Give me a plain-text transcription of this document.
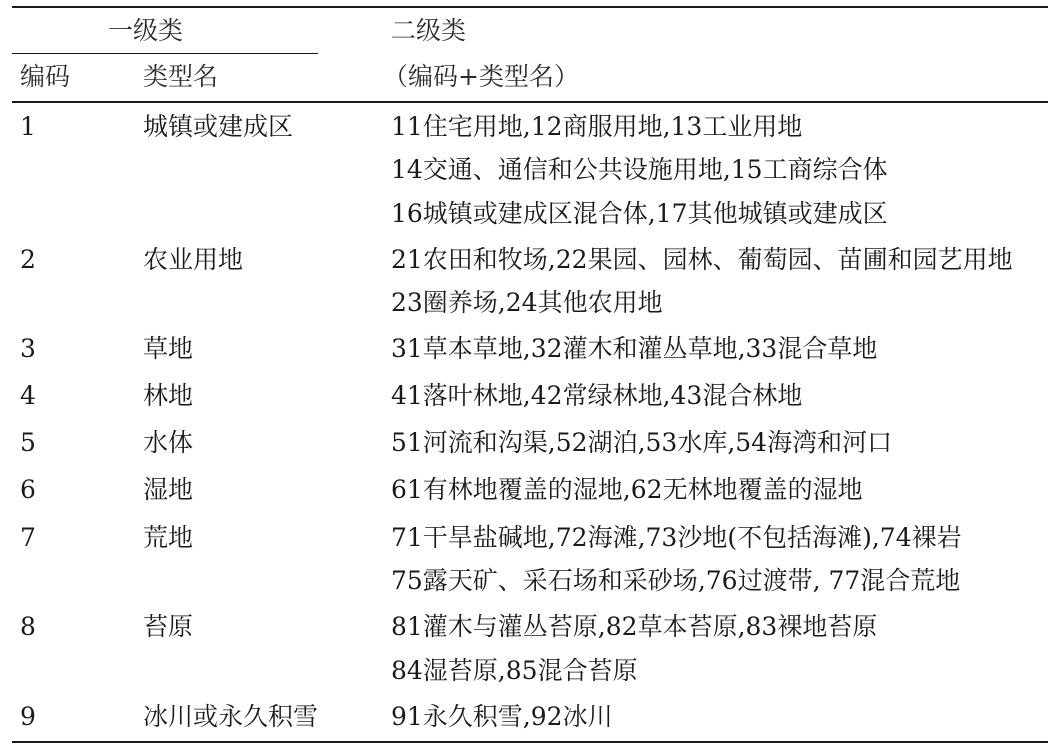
一级类	二级类
编码	类型名	（编码+类型名）
1	城镇或建成区	11住宅用地,12商服用地,13工业用地
14交通、通信和公共设施用地,15工商综合体
16城镇或建成区混合体,17其他城镇或建成区
2	农业用地	21农田和牧场,22果园、园林、葡萄园、苗圃和园艺用地
23圈养场,24其他农用地
3	草地	31草本草地,32灌木和灌丛草地,33混合草地
4	林地	41落叶林地,42常绿林地,43混合林地
5	水体	51河流和沟渠,52湖泊,53水库,54海湾和河口
6	湿地	61有林地覆盖的湿地,62无林地覆盖的湿地
7	荒地	71干旱盐碱地,72海滩,73沙地(不包括海滩),74裸岩
75露天矿、采石场和采砂场,76过渡带, 77混合荒地
8	苔原	81灌木与灌丛苔原,82草本苔原,83裸地苔原
84湿苔原,85混合苔原
9	冰川或永久积雪	91永久积雪,92冰川
